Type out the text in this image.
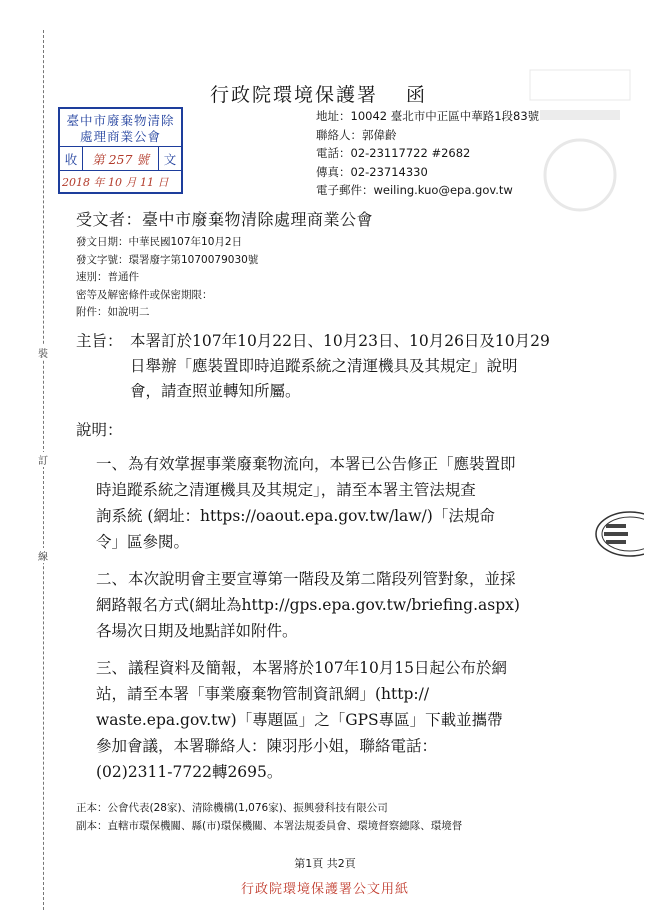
裝
訂
線
行政院環境保護署 函
臺中市廢棄物清除處理商業公會
收	第 257 號	文
2018 年 10 月 11 日
地址：10042 臺北市中正區中華路1段83號
聯絡人：郭偉齡
電話：02-23117722 #2682
傳真：02-23714330
電子郵件：weiling.kuo@epa.gov.tw
受文者：臺中市廢棄物清除處理商業公會
發文日期：中華民國107年10月2日
發文字號：環署廢字第1070079030號
速別：普通件
密等及解密條件或保密期限：
附件：如說明二
主旨： 本署訂於107年10月22日、10月23日、10月26日及10月29
日舉辦「應裝置即時追蹤系統之清運機具及其規定」說明
會，請查照並轉知所屬。
說明：
一、 為有效掌握事業廢棄物流向，本署已公告修正「應裝置即
時追蹤系統之清運機具及其規定」，請至本署主管法規查
詢系統 (網址：https://oaout.epa.gov.tw/law/)「法規命
令」區參閱。
二、 本次說明會主要宣導第一階段及第二階段列管對象，並採
網路報名方式(網址為http://gps.epa.gov.tw/briefing.aspx)
各場次日期及地點詳如附件。
三、 議程資料及簡報，本署將於107年10月15日起公布於網
站，請至本署「事業廢棄物管制資訊網」(http://
waste.epa.gov.tw)「專題區」之「GPS專區」下載並攜帶
參加會議，本署聯絡人：陳羽彤小姐，聯絡電話：
(02)2311-7722轉2695。
正本：公會代表(28家)、清除機構(1,076家)、振興發科技有限公司
副本：直轄市環保機關、縣(市)環保機關、本署法規委員會、環境督察總隊、環境督
第1頁 共2頁
行政院環境保護署公文用紙
